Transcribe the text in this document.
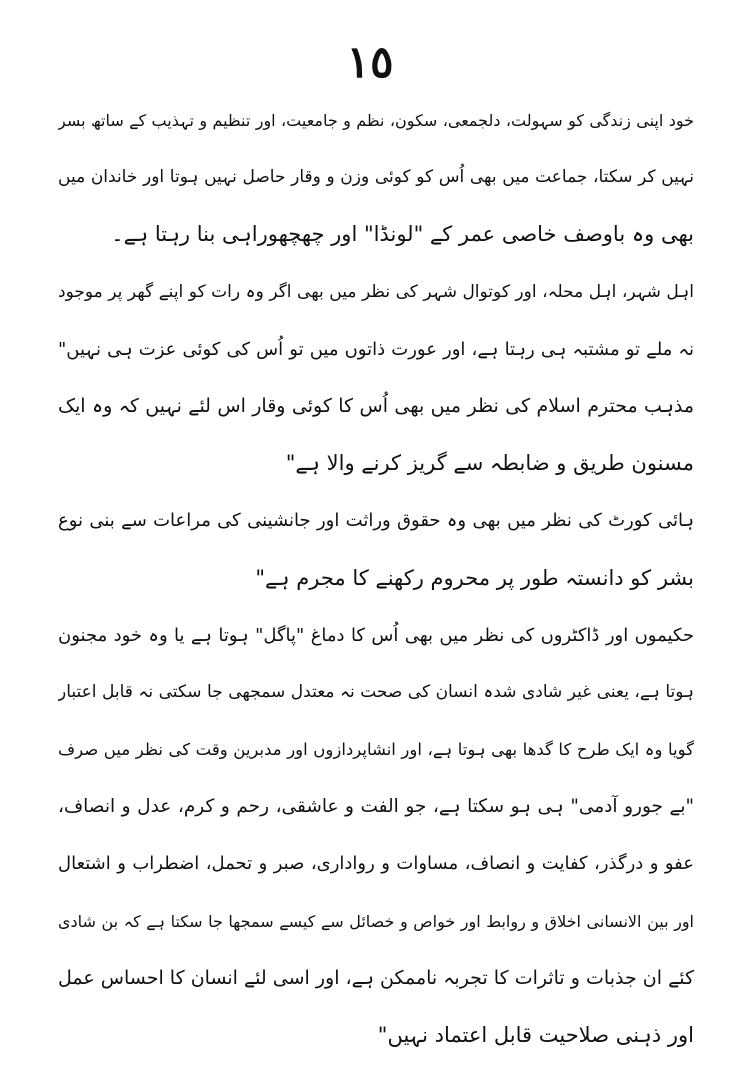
١٥
خود اپنی زندگی کو سہولت، دلجمعی، سکون، نظم و جامعیت، اور تنظیم و تہذیب کے ساتھ بسر
نہیں کر سکتا، جماعت میں بھی اُس کو کوئی وزن و وقار حاصل نہیں ہوتا اور خاندان میں
بھی وہ باوصف خاصی عمر کے "لونڈا" اور چھچھوراہی بنا رہتا ہے۔
اہل شہر، اہل محلہ، اور کوتوال شہر کی نظر میں بھی اگر وہ رات کو اپنے گھر پر موجود
نہ ملے تو مشتبہ ہی رہتا ہے، اور عورت ذاتوں میں تو اُس کی کوئی عزت ہی نہیں"
مذہب محترم اسلام کی نظر میں بھی اُس کا کوئی وقار اس لئے نہیں کہ وہ ایک
مسنون طریق و ضابطہ سے گریز کرنے والا ہے"
ہائی کورٹ کی نظر میں بھی وہ حقوق وراثت اور جانشینی کی مراعات سے بنی نوع
بشر کو دانستہ طور پر محروم رکھنے کا مجرم ہے"
حکیموں اور ڈاکٹروں کی نظر میں بھی اُس کا دماغ "پاگل" ہوتا ہے یا وہ خود مجنون
ہوتا ہے، یعنی غیر شادی شدہ انسان کی صحت نہ معتدل سمجھی جا سکتی نہ قابل اعتبار
گویا وہ ایک طرح کا گدھا بھی ہوتا ہے، اور انشاپردازوں اور مدبرین وقت کی نظر میں صرف
"بے جورو آدمی" ہی ہو سکتا ہے، جو الفت و عاشقی، رحم و کرم، عدل و انصاف،
عفو و درگذر، کفایت و انصاف، مساوات و رواداری، صبر و تحمل، اضطراب و اشتعال
اور بین الانسانی اخلاق و روابط اور خواص و خصائل سے کیسے سمجھا جا سکتا ہے کہ بن شادی
کئے ان جذبات و تاثرات کا تجربہ ناممکن ہے، اور اسی لئے انسان کا احساس عمل
اور ذہنی صلاحیت قابل اعتماد نہیں"
